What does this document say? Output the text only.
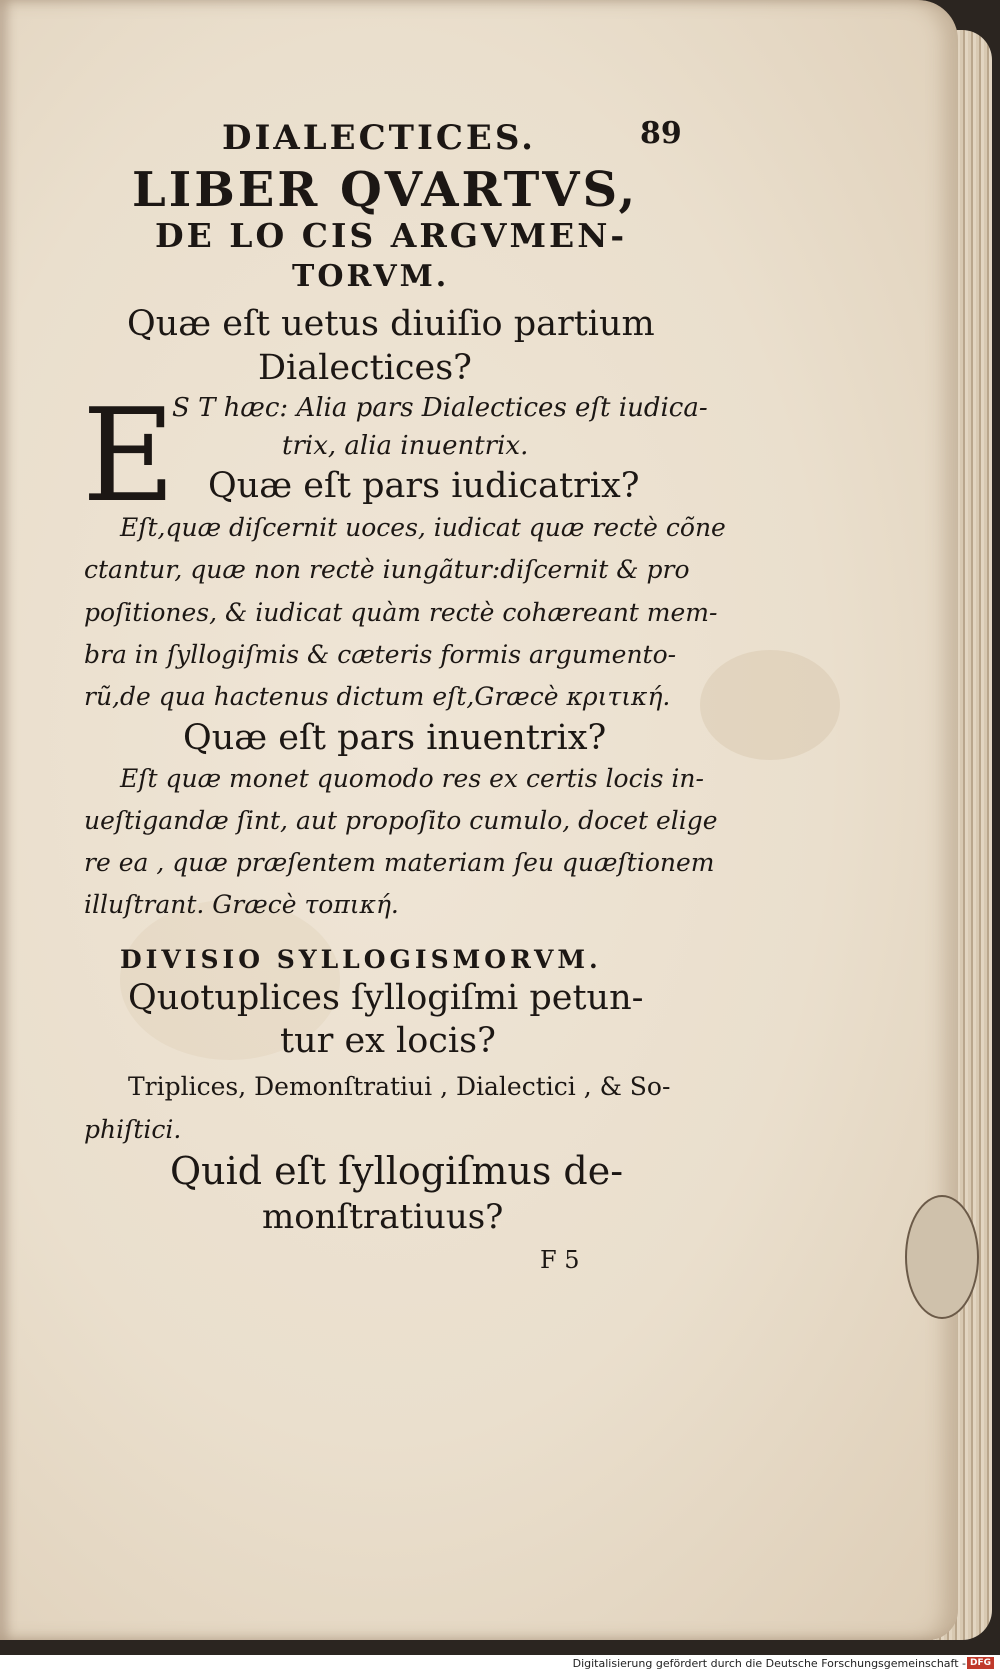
DIALECTICES.	89
LIBER QVARTVS,
DE LO CIS ARGVMEN-
TORVM.
Quæ eſt uetus diuiſio partium
Dialectices?
E
S T hæc: Alia pars Dialectices eſt iudica-
trix, alia inuentrix.
Quæ eſt pars iudicatrix?
Eſt,quæ diſcernit uoces, iudicat quæ rectè cõne
ctantur, quæ non rectè iungãtur:diſcernit & pro
poſitiones, & iudicat quàm rectè cohæreant mem-
bra in ſyllogiſmis & cæteris formis argumento-
rũ,de qua hactenus dictum eſt,Græcè κριτική.
Quæ eſt pars inuentrix?
Eſt quæ monet quomodo res ex certis locis in-
ueſtigandæ ſint, aut propoſito cumulo, docet elige
re ea , quæ præſentem materiam ſeu quæſtionem
illuſtrant. Græcè τοπική.
DIVISIO SYLLOGISMORVM.
Quotuplices ſyllogiſmi petun-
tur ex locis?
Triplices, Demonſtratiui , Dialectici , & So-
phiſtici.
Quid eſt ſyllogiſmus de-
monſtratiuus?
F 5
Digitalisierung gefördert durch die Deutsche Forschungsgemeinschaft - DFG
